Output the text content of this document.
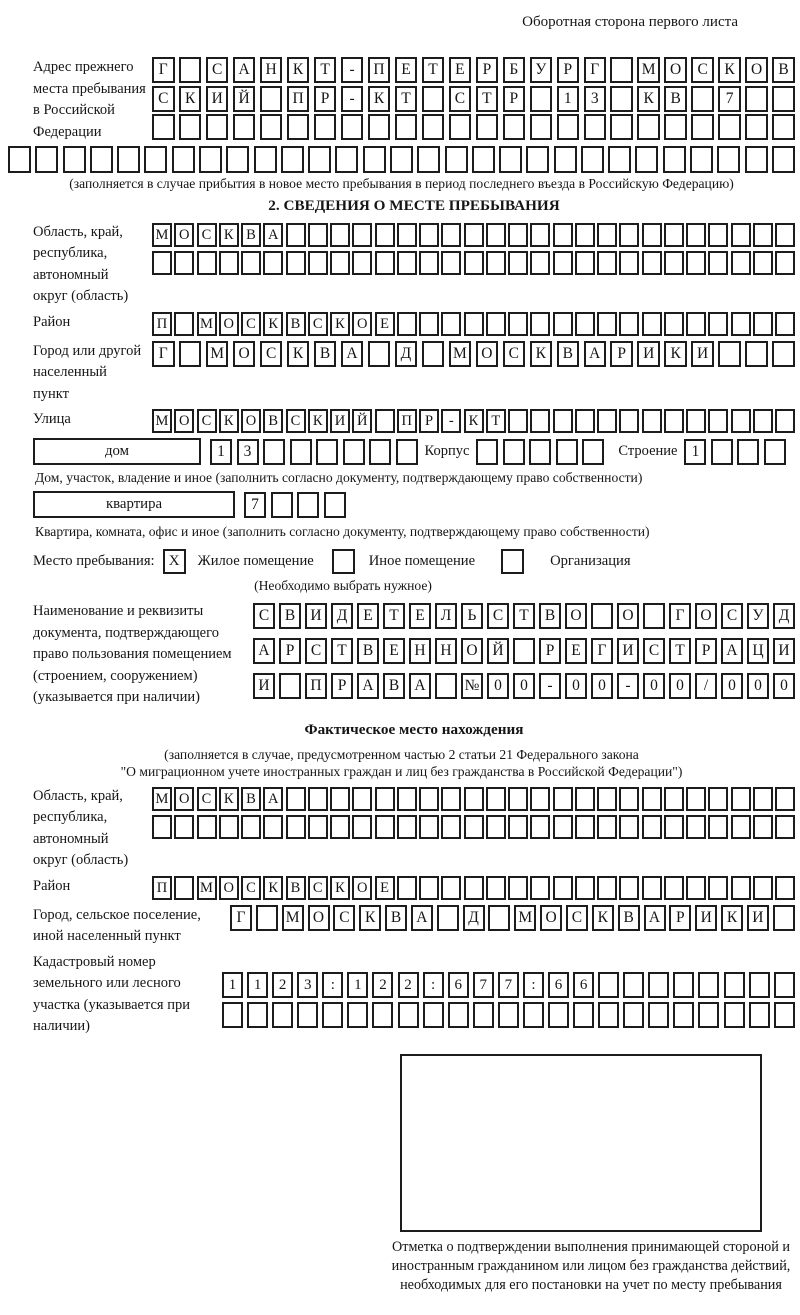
Оборотная сторона первого листа
Адрес прежнего места пребывания в Российской Федерации
Г	С	А	Н	К	Т	-	П	Е	Т	Е	Р	Б	У	Р	Г	М О	С	К	О	В
С	К	И	Й	П	Р	-	К	Т	С	Т	Р	1	3	К	В	7
(заполняется в случае прибытия в новое место пребывания в период последнего въезда в Российскую Федерацию)
2. СВЕДЕНИЯ О МЕСТЕ ПРЕБЫВАНИЯ
Область, край, республика, автономный округ (область)
М О С К В А
Район	П	М О С К В С К О Е
Город или другой населенный пункт
Г	М О	С	К	В	А	Д	М О	С	К	В	А	Р	И	К	И
Улица	М О С К О В С К И Й	П Р	-	К Т
дом	1	3	Корпус	Строение 1
Дом, участок, владение и иное (заполнить согласно документу, подтверждающему право собственности)
квартира	7
Квартира, комната, офис и иное (заполнить согласно документу, подтверждающему право собственности)
Место пребывания: X	Жилое помещение	Иное помещение	Организация
(Необходимо выбрать нужное)
Наименование и реквизиты документа, подтверждающего право пользования помещением (строением, сооружением) (указывается при наличии)
С	В И Д	Е	Т	Е	Л	Ь	С	Т	В О	О	Г	О С У Д
А	Р	С	Т	В	Е	Н Н О Й	Р	Е	Г	И С	Т	Р	А Ц И
И	П	Р	А В А	№ 0	0	-	0	0	-	0	0	/	0	0	0
Фактическое место нахождения
(заполняется в случае, предусмотренном частью 2 статьи 21 Федерального закона
"О миграционном учете иностранных граждан и лиц без гражданства в Российской Федерации")
Область, край, республика, автономный округ (область)
М О С К В А
Район	П	М О С К В С К О Е
Город, сельское поселение, иной населенный пункт
Г	М О С	К	В А	Д	М О С	К	В А	Р	И К И
Кадастровый номер земельного или лесного участка (указывается при наличии)
1	1	2	3	:	1	2	2	:	6	7	7	:	6	6
Отметка о подтверждении выполнения принимающей стороной и иностранным гражданином или лицом без гражданства действий, необходимых для его постановки на учет по месту пребывания
